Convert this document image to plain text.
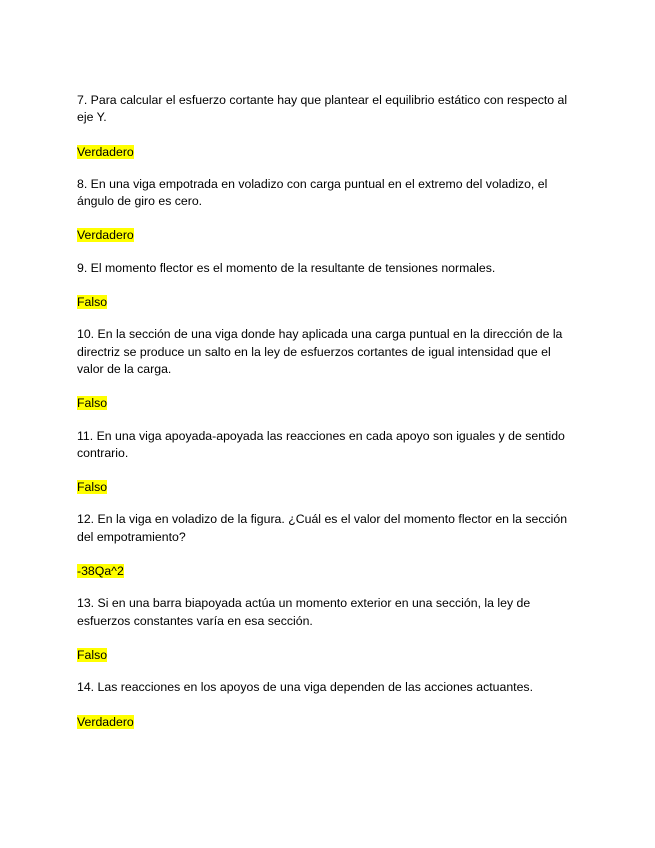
7. Para calcular el esfuerzo cortante hay que plantear el equilibrio estático con respecto al eje Y.

Verdadero

8. En una viga empotrada en voladizo con carga puntual en el extremo del voladizo, el ángulo de giro es cero.

Verdadero

9. El momento flector es el momento de la resultante de tensiones normales.

Falso

10. En la sección de una viga donde hay aplicada una carga puntual en la dirección de la directriz se produce un salto en la ley de esfuerzos cortantes de igual intensidad que el valor de la carga.

Falso

11. En una viga apoyada-apoyada las reacciones en cada apoyo son iguales y de sentido contrario.

Falso

12. En la viga en voladizo de la figura. ¿Cuál es el valor del momento flector en la sección del empotramiento?

-38Qa^2

13. Si en una barra biapoyada actúa un momento exterior en una sección, la ley de esfuerzos constantes varía en esa sección.

Falso

14. Las reacciones en los apoyos de una viga dependen de las acciones actuantes.

Verdadero
